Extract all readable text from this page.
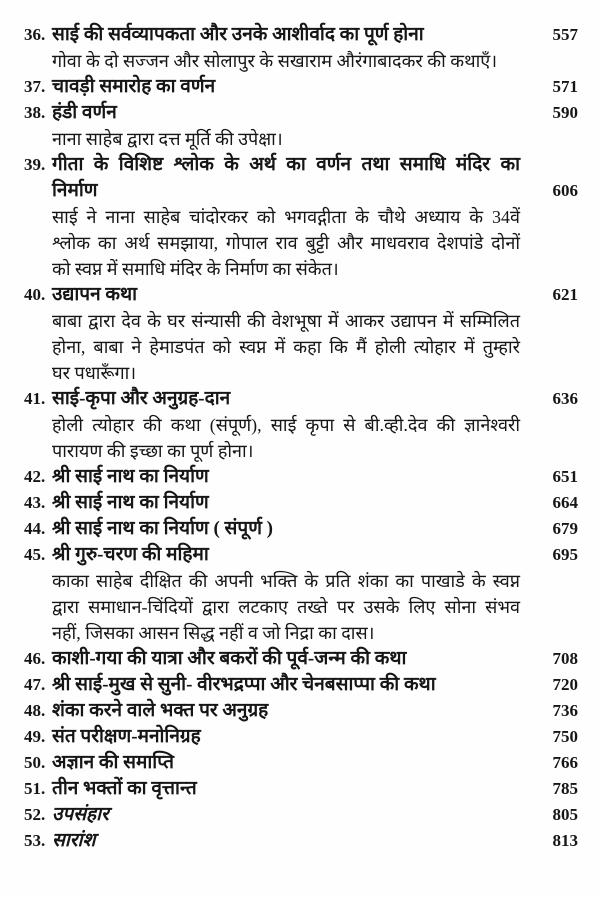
36. साई की सर्वव्यापकता और उनके आशीर्वाद का पूर्ण होना	557
गोवा के दो सज्जन और सोलापुर के सखाराम औरंगाबादकर की कथाएँ।
37. चावड़ी समारोह का वर्णन	571
38. हंडी वर्णन	590
नाना साहेब द्वारा दत्त मूर्ति की उपेक्षा।
39. गीता के विशिष्ट श्लोक के अर्थ का वर्णन तथा समाधि मंदिर का
निर्माण	606
साई ने नाना साहेब चांदोरकर को भगवद्गीता के चौथे अध्याय के 34वें
श्लोक का अर्थ समझाया, गोपाल राव बुट्टी और माधवराव देशपांडे दोनों
को स्वप्न में समाधि मंदिर के निर्माण का संकेत।
40. उद्यापन कथा	621
बाबा द्वारा देव के घर संन्यासी की वेशभूषा में आकर उद्यापन में सम्मिलित
होना, बाबा ने हेमाडपंत को स्वप्न में कहा कि मैं होली त्योहार में तुम्हारे
घर पधारूँगा।
41. साई-कृपा और अनुग्रह-दान	636
होली त्योहार की कथा (संपूर्ण), साई कृपा से बी.व्ही.देव की ज्ञानेश्वरी
पारायण की इच्छा का पूर्ण होना।
42. श्री साई नाथ का निर्याण	651
43. श्री साई नाथ का निर्याण	664
44. श्री साई नाथ का निर्याण ( संपूर्ण )	679
45. श्री गुरु-चरण की महिमा	695
काका साहेब दीक्षित की अपनी भक्ति के प्रति शंका का पाखाडे के स्वप्न
द्वारा समाधान-चिंदियों द्वारा लटकाए तख्ते पर उसके लिए सोना संभव
नहीं, जिसका आसन सिद्ध नहीं व जो निद्रा का दास।
46. काशी-गया की यात्रा और बकरों की पूर्व-जन्म की कथा	708
47. श्री साई-मुख से सुनी- वीरभद्रप्पा और चेनबसाप्पा की कथा	720
48. शंका करने वाले भक्त पर अनुग्रह	736
49. संत परीक्षण-मनोनिग्रह	750
50. अज्ञान की समाप्ति	766
51. तीन भक्तों का वृत्तान्त	785
52. उपसंहार	805
53. सारांश	813
